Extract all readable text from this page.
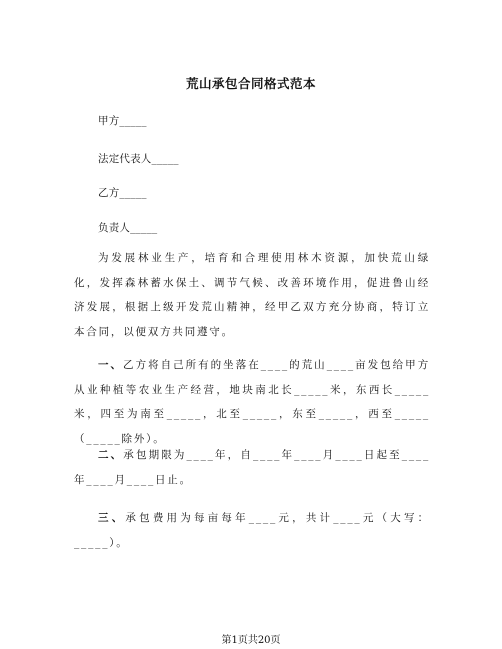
荒山承包合同格式范本
甲方_____
法定代表人_____
乙方_____
负责人_____
为发展林业生产，培育和合理使用林木资源，加快荒山绿化，发挥森林蓄水保土、调节气候、改善环境作用，促进鲁山经济发展，根据上级开发荒山精神，经甲乙双方充分协商，特订立本合同，以便双方共同遵守。
一、乙方将自己所有的坐落在____的荒山____亩发包给甲方从业种植等农业生产经营，地块南北长_____米，东西长_____米，四至为南至_____，北至_____，东至_____，西至_____（_____除外）。
二、承包期限为____年，自____年____月____日起至____年____月____日止。
三、承包费用为每亩每年____元，共计____元（大写：_____）。
第1页共20页
